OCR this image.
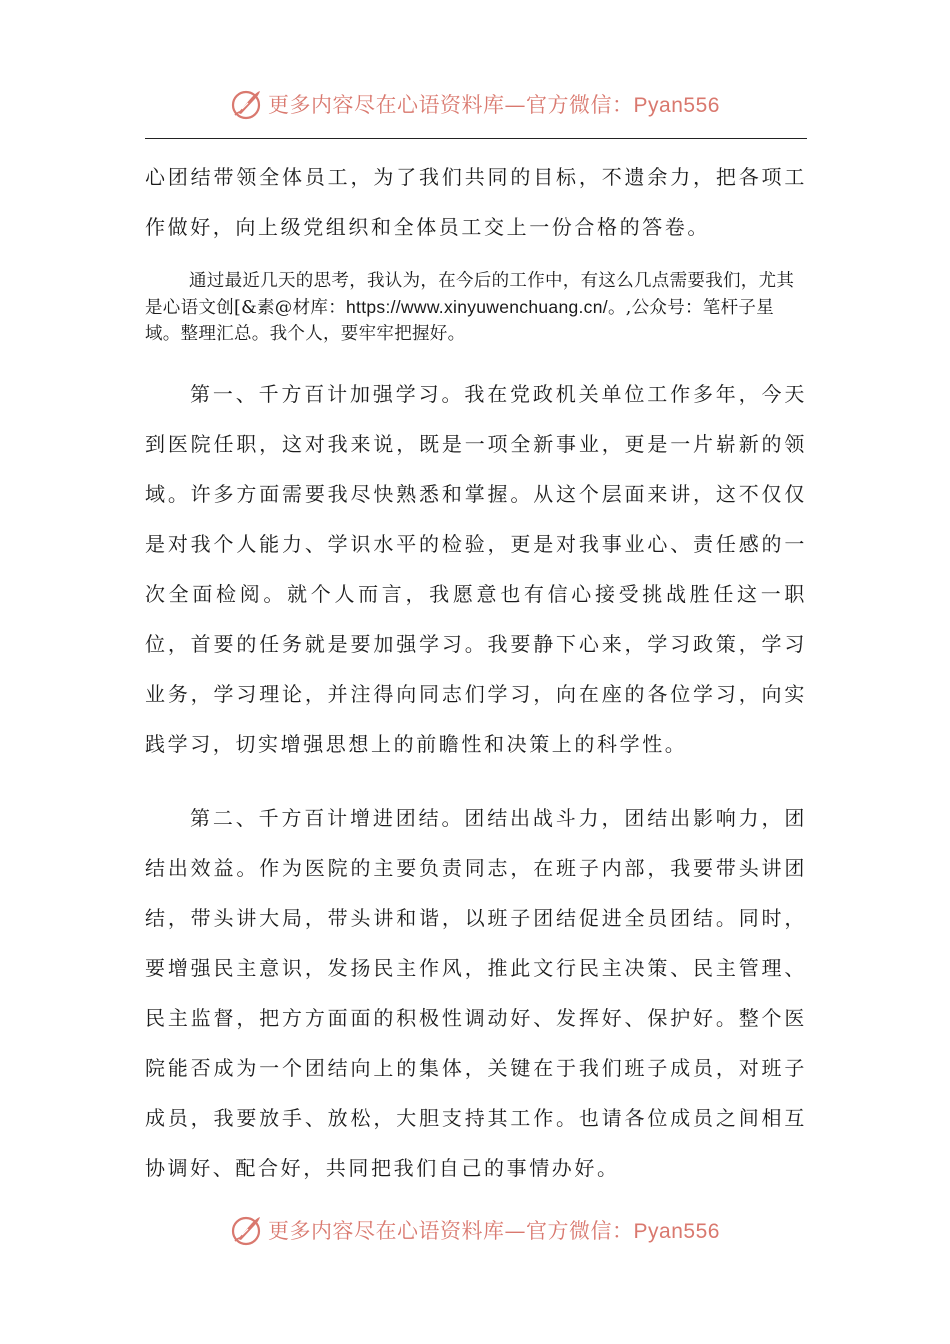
更多内容尽在心语资料库—官方微信：Pyan556

心团结带领全体员工，为了我们共同的目标，不遗余力，把各项工作做好，向上级党组织和全体员工交上一份合格的答卷。

通过最近几天的思考，我认为，在今后的工作中，有这么几点需要我们，尤其是心语文创[&素@材库：https://www.xinyuwenchuang.cn/。,公众号：笔杆子星域。整理汇总。我个人，要牢牢把握好。

第一、千方百计加强学习。我在党政机关单位工作多年，今天到医院任职，这对我来说，既是一项全新事业，更是一片崭新的领域。许多方面需要我尽快熟悉和掌握。从这个层面来讲，这不仅仅是对我个人能力、学识水平的检验，更是对我事业心、责任感的一次全面检阅。就个人而言，我愿意也有信心接受挑战胜任这一职位，首要的任务就是要加强学习。我要静下心来，学习政策，学习业务，学习理论，并注得向同志们学习，向在座的各位学习，向实践学习，切实增强思想上的前瞻性和决策上的科学性。

第二、千方百计增进团结。团结出战斗力，团结出影响力，团结出效益。作为医院的主要负责同志，在班子内部，我要带头讲团结，带头讲大局，带头讲和谐，以班子团结促进全员团结。同时，要增强民主意识，发扬民主作风，推此文行民主决策、民主管理、民主监督，把方方面面的积极性调动好、发挥好、保护好。整个医院能否成为一个团结向上的集体，关键在于我们班子成员，对班子成员，我要放手、放松，大胆支持其工作。也请各位成员之间相互协调好、配合好，共同把我们自己的事情办好。

更多内容尽在心语资料库—官方微信：Pyan556
